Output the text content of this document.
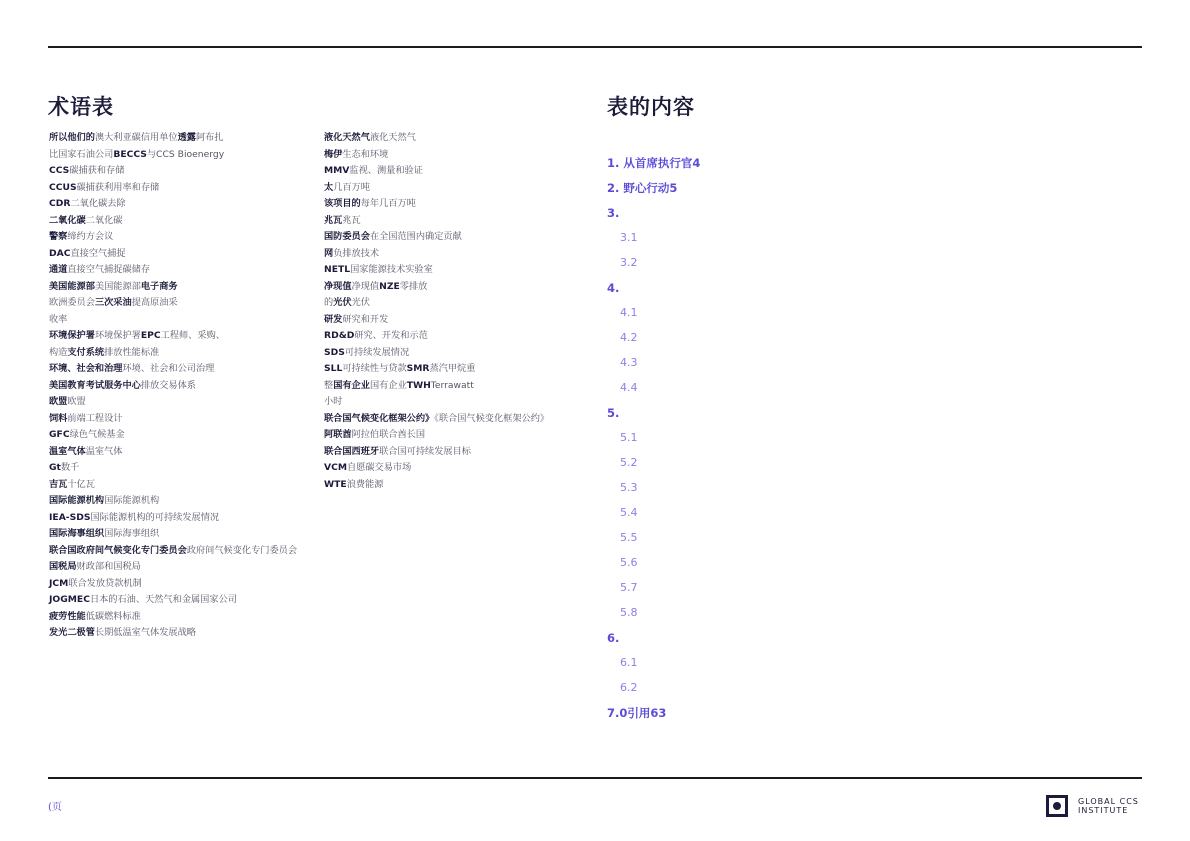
术语表
所以他们的澳大利亚碳信用单位透露阿布扎
比国家石油公司BECCS与CCS Bioenergy
CCS碳捕获和存储
CCUS碳捕获利用率和存储
CDR二氧化碳去除
二氧化碳二氧化碳
警察缔约方会议
DAC直接空气捕捉
通道直接空气捕捉碳储存
美国能源部美国能源部电子商务
欧洲委员会三次采油提高原油采
收率
环境保护署环境保护署EPC工程师、采购、
构造支付系统排放性能标准
环境、社会和治理环境、社会和公司治理
美国教育考试服务中心排放交易体系
欧盟欧盟
饲料前端工程设计
GFC绿色气候基金
温室气体温室气体
Gt数千
吉瓦十亿瓦
国际能源机构国际能源机构
IEA-SDS国际能源机构的可持续发展情况
国际海事组织国际海事组织
联合国政府间气候变化专门委员会政府间气候变化专门委员会
国税局财政部和国税局
JCM联合发放贷款机制
JOGMEC日本的石油、天然气和金属国家公司
疲劳性能低碳燃料标准
发光二极管长期低温室气体发展战略
液化天然气液化天然气
梅伊生态和环境
MMV监视、测量和验证
太几百万吨
该项目的每年几百万吨
兆瓦兆瓦
国防委员会在全国范围内确定贡献
网负排放技术
NETL国家能源技术实验室
净现值净现值NZE零排放
的光伏光伏
研发研究和开发
RD&D研究、开发和示范
SDS可持续发展情况
SLL可持续性与贷款SMR蒸汽甲烷重
整国有企业国有企业TWHTerrawatt
小时
联合国气候变化框架公约》《联合国气候变化框架公约》
阿联酋阿拉伯联合酋长国
联合国西班牙联合国可持续发展目标
VCM自愿碳交易市场
WTE浪费能源
表的内容
1. 从首席执行官4
2. 野心行动5
3.
3.1
3.2
4.
4.1
4.2
4.3
4.4
5.
5.1
5.2
5.3
5.4
5.5
5.6
5.7
5.8
6.
6.1
6.2
7.0引用63
(页
GLOBAL CCS
INSTITUTE
